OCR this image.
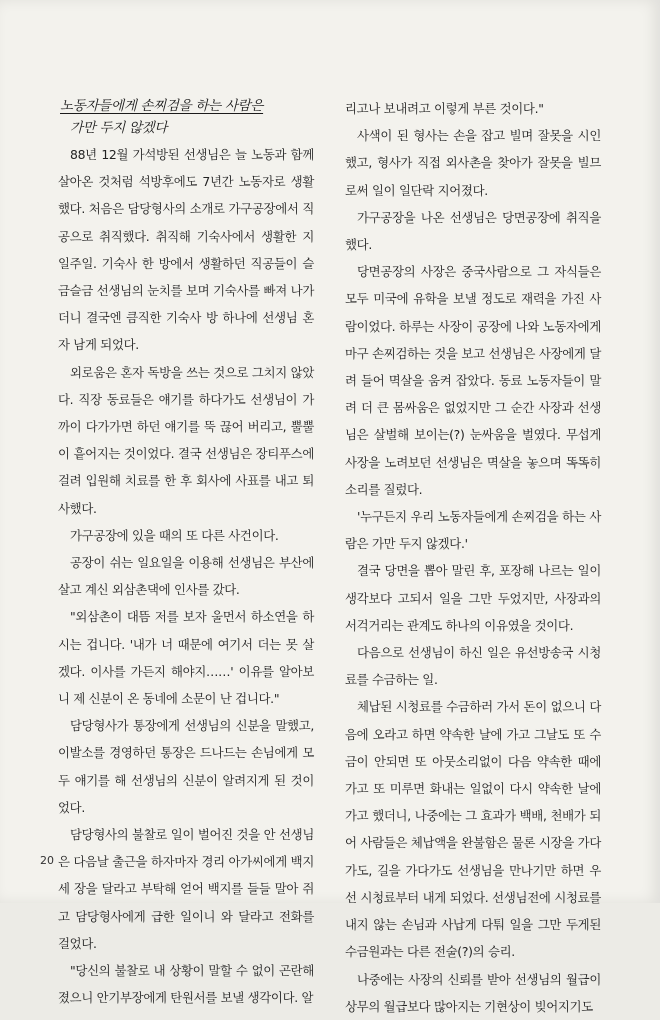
노동자들에게 손찌검을 하는 사람은
가만 두지 않겠다

88년 12월 가석방된 선생님은 늘 노동과 함께 살아온 것처럼 석방후에도 7년간 노동자로 생활했다. 처음은 담당형사의 소개로 가구공장에서 직공으로 취직했다. 취직해 기숙사에서 생활한 지 일주일. 기숙사 한 방에서 생활하던 직공들이 슬금슬금 선생님의 눈치를 보며 기숙사를 빠져 나가더니 결국엔 큼직한 기숙사 방 하나에 선생님 혼자 남게 되었다.

외로움은 혼자 독방을 쓰는 것으로 그치지 않았다. 직장 동료들은 얘기를 하다가도 선생님이 가까이 다가가면 하던 얘기를 뚝 끊어 버리고, 뿔뿔이 흩어지는 것이었다. 결국 선생님은 장티푸스에 걸려 입원해 치료를 한 후 회사에 사표를 내고 퇴사했다.

가구공장에 있을 때의 또 다른 사건이다.

공장이 쉬는 일요일을 이용해 선생님은 부산에 살고 계신 외삼촌댁에 인사를 갔다.

"외삼촌이 대뜸 저를 보자 울먼서 하소연을 하시는 겁니다. '내가 너 때문에 여기서 더는 못 살겠다. 이사를 가든지 해야지……' 이유를 알아보니 제 신분이 온 동네에 소문이 난 겁니다."

담당형사가 통장에게 선생님의 신분을 말했고, 이발소를 경영하던 통장은 드나드는 손님에게 모두 얘기를 해 선생님의 신분이 알려지게 된 것이었다.

담당형사의 불찰로 일이 벌어진 것을 안 선생님은 다음날 출근을 하자마자 경리 아가씨에게 백지 세 장을 달라고 부탁해 얻어 백지를 들들 말아 쥐고 담당형사에게 급한 일이니 와 달라고 전화를 걸었다.

"당신의 불찰로 내 상황이 말할 수 없이 곤란해졌으니 안기부장에게 탄원서를 보낼 생각이다. 알

리고나 보내려고 이렇게 부른 것이다."

사색이 된 형사는 손을 잡고 빌며 잘못을 시인했고, 형사가 직접 외사촌을 찾아가 잘못을 빌므로써 일이 일단락 지어졌다.

가구공장을 나온 선생님은 당면공장에 취직을 했다.

당면공장의 사장은 중국사람으로 그 자식들은 모두 미국에 유학을 보낼 정도로 재력을 가진 사람이었다. 하루는 사장이 공장에 나와 노동자에게 마구 손찌검하는 것을 보고 선생님은 사장에게 달려 들어 멱살을 움켜 잡았다. 동료 노동자들이 말려 더 큰 몸싸움은 없었지만 그 순간 사장과 선생님은 살벌해 보이는(?) 눈싸움을 벌였다. 무섭게 사장을 노려보던 선생님은 멱살을 놓으며 똑똑히 소리를 질렀다.

'누구든지 우리 노동자들에게 손찌검을 하는 사람은 가만 두지 않겠다.'

결국 당면을 뽑아 말린 후, 포장해 나르는 일이 생각보다 고되서 일을 그만 두었지만, 사장과의 서걱거리는 관계도 하나의 이유였을 것이다.

다음으로 선생님이 하신 일은 유선방송국 시청료를 수금하는 일.

체납된 시청료를 수금하러 가서 돈이 없으니 다음에 오라고 하면 약속한 날에 가고 그날도 또 수금이 안되면 또 아뭇소리없이 다음 약속한 때에 가고 또 미루면 화내는 일없이 다시 약속한 날에 가고 했더니, 나중에는 그 효과가 백배, 천배가 되어 사람들은 체납액을 완불함은 물론 시장을 가다가도, 길을 가다가도 선생님을 만나기만 하면 우선 시청료부터 내게 되었다. 선생님전에 시청료를 내지 않는 손님과 사납게 다퉈 일을 그만 두게된 수금원과는 다른 전술(?)의 승리.

나중에는 사장의 신뢰를 받아 선생님의 월급이 상무의 월급보다 많아지는 기현상이 빚어지기도

20
